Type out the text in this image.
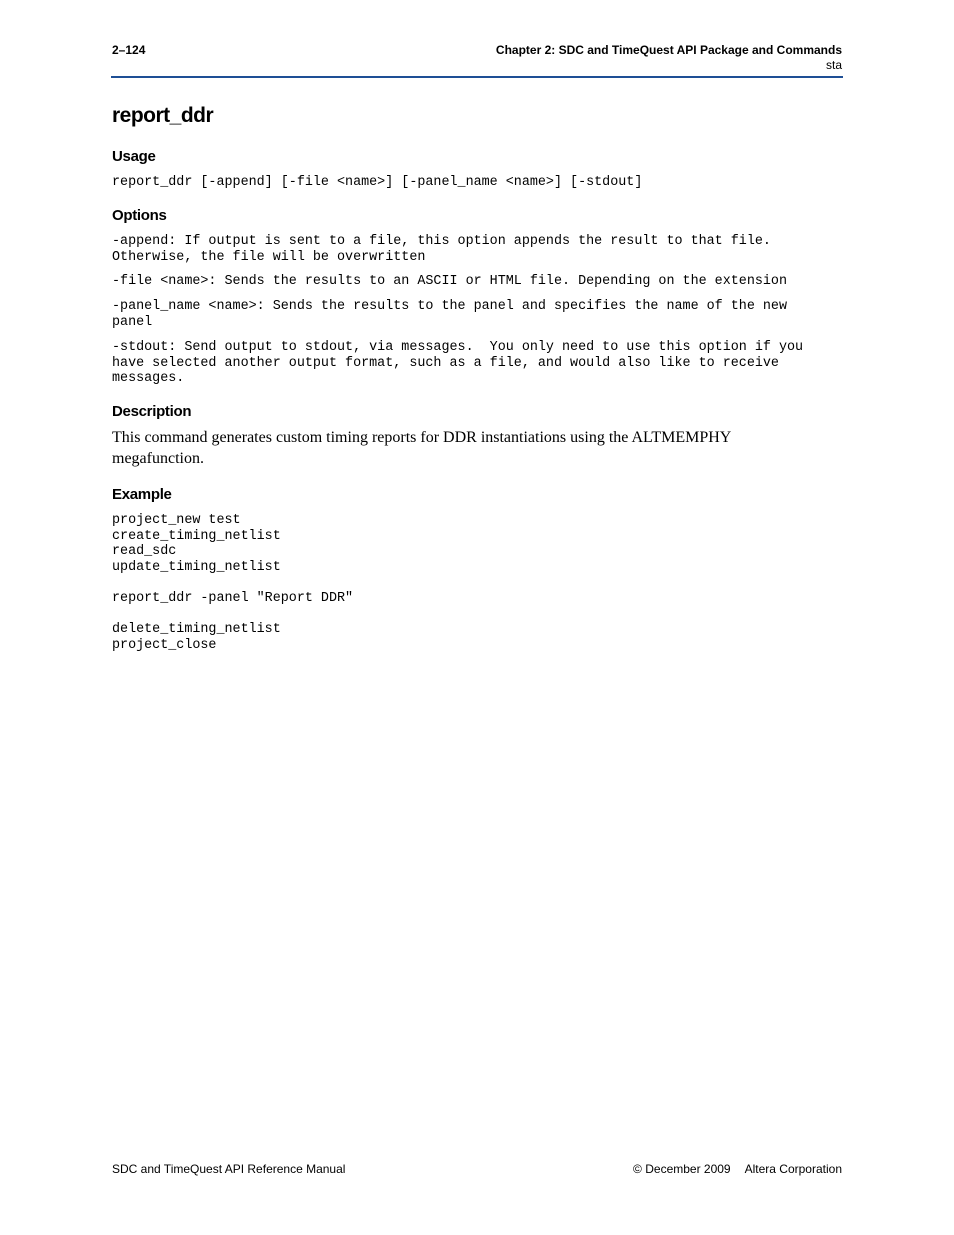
2–124	Chapter 2: SDC and TimeQuest API Package and Commands
sta
report_ddr
Usage
report_ddr [-append] [-file <name>] [-panel_name <name>] [-stdout]
Options
-append: If output is sent to a file, this option appends the result to that file.
Otherwise, the file will be overwritten
-file <name>: Sends the results to an ASCII or HTML file. Depending on the extension
-panel_name <name>: Sends the results to the panel and specifies the name of the new
panel
-stdout: Send output to stdout, via messages.  You only need to use this option if you
have selected another output format, such as a file, and would also like to receive
messages.
Description

This command generates custom timing reports for DDR instantiations using the ALTMEMPHY megafunction.

Example
project_new test
create_timing_netlist
read_sdc
update_timing_netlist

report_ddr -panel "Report DDR"

delete_timing_netlist
project_close
SDC and TimeQuest API Reference Manual	© December 2009 Altera Corporation
